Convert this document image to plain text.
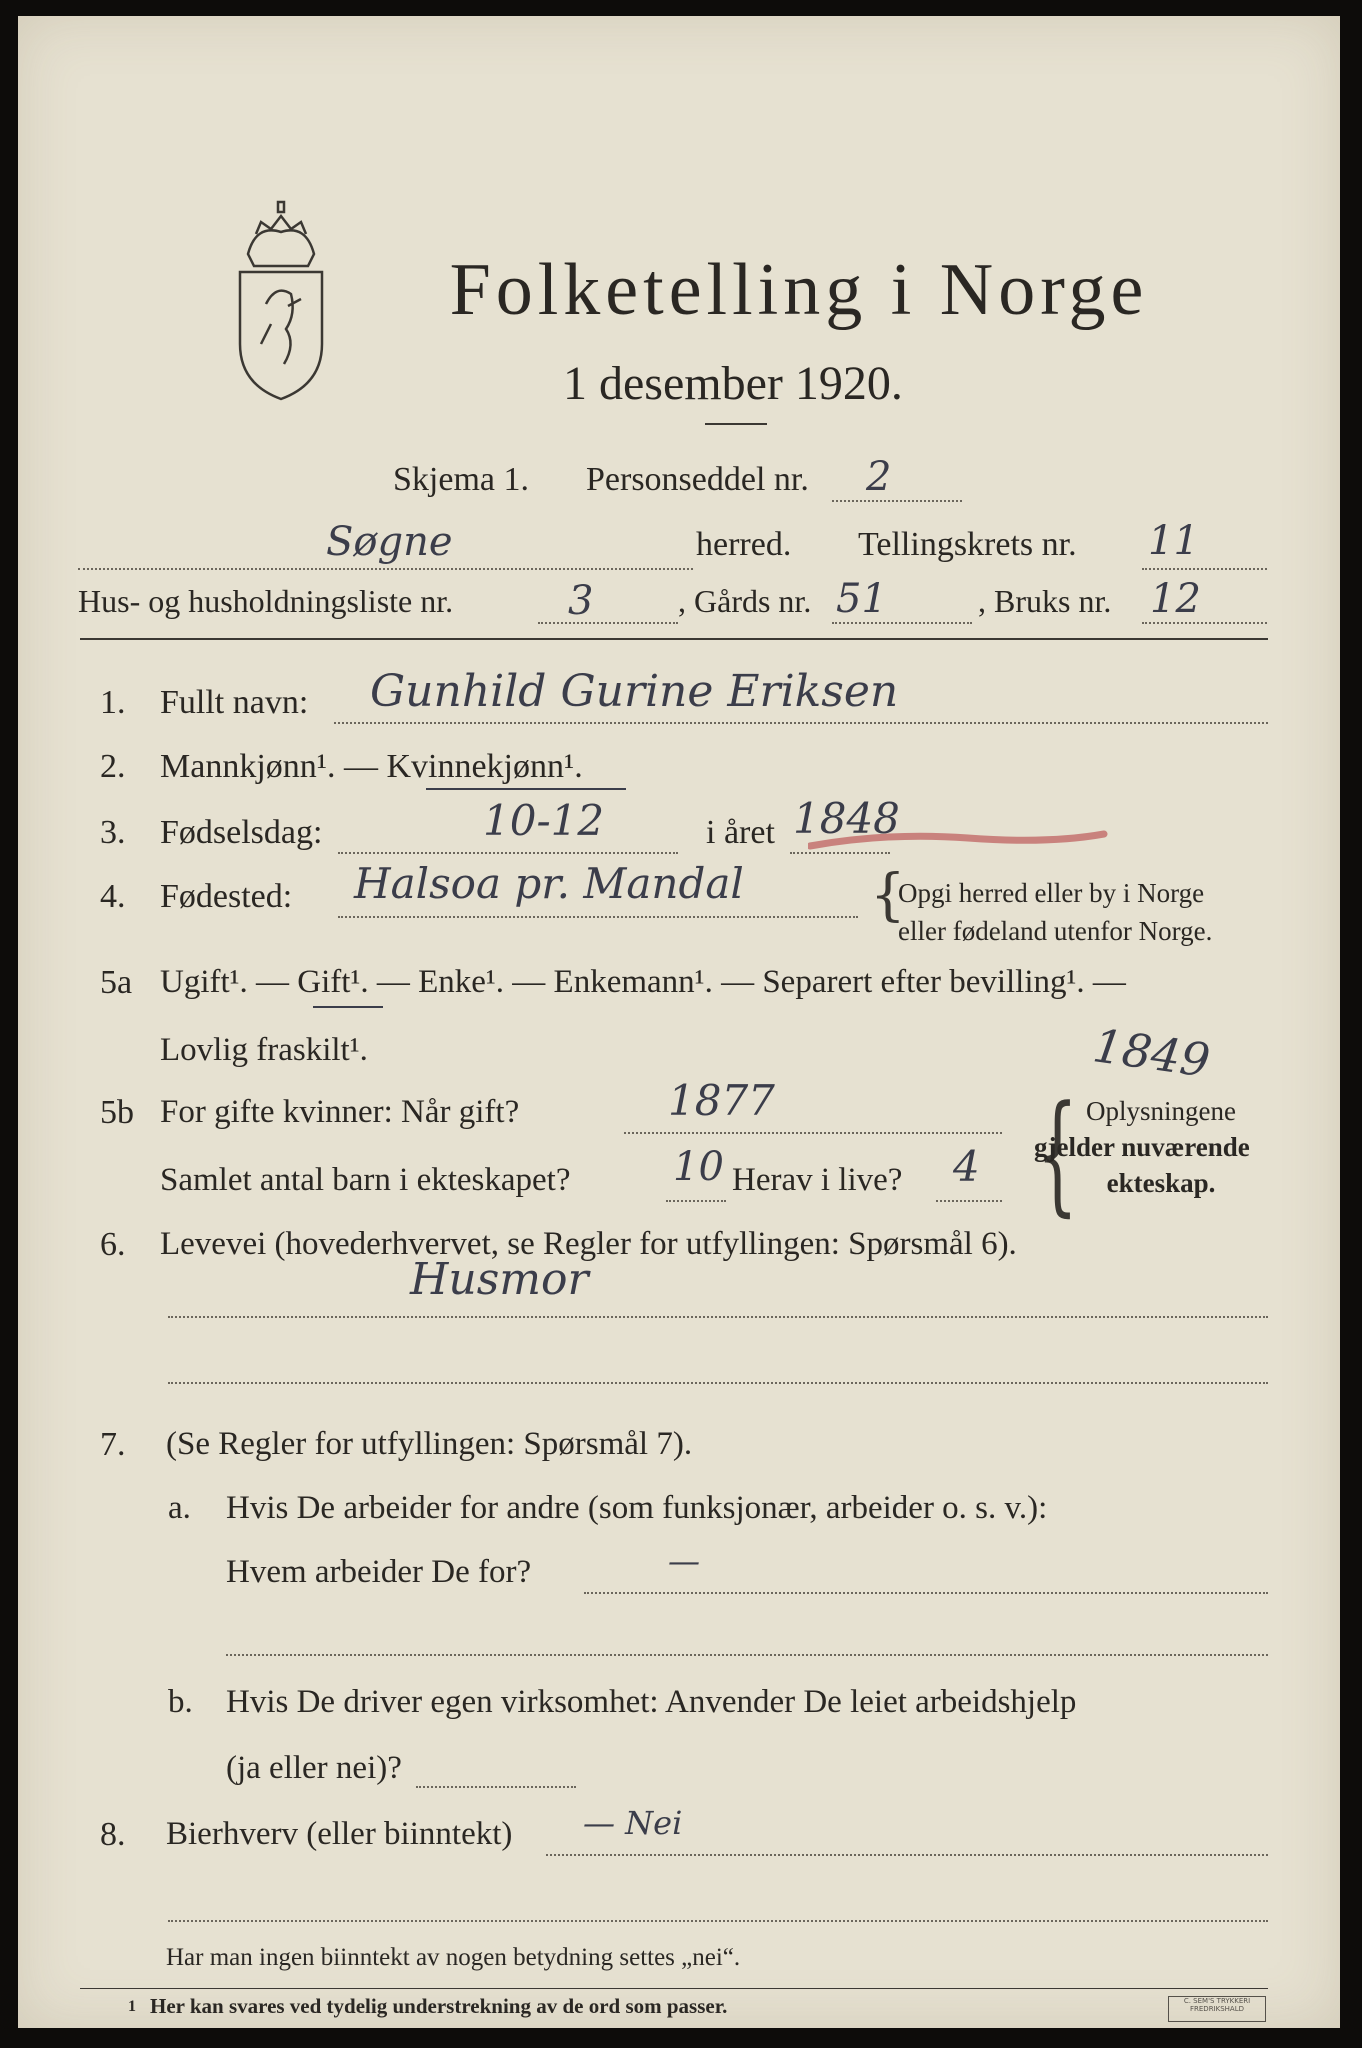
Folketelling i Norge
1 desember 1920.
Skjema 1. Personseddel nr. 2
Søgne	herred. Tellingskrets nr. 11
Hus- og husholdningsliste nr.	3	, Gårds nr. 51	, Bruks nr. 12
1. Fullt navn: Gunhild Gurine Eriksen
2. Mannkjønn¹. — Kvinnekjønn¹.
3. Fødselsdag:	10-12	i året 1848
4. Fødested: Halsoa pr. Mandal {
Opgi herred eller by i Norge
eller fødeland utenfor Norge.
5a Ugift¹. — Gift¹. — Enke¹. — Enkemann¹. — Separert efter bevilling¹. —
Lovlig fraskilt¹.	1849
5b For gifte kvinner: Når gift?	1877
Samlet antal barn i ekteskapet?	10 Herav i live? 4 { Oplysningene
gjelder nuværende
ekteskap.
6. Levevei (hovederhvervet, se Regler for utfyllingen: Spørsmål 6).
Husmor
7. (Se Regler for utfyllingen: Spørsmål 7).
a. Hvis De arbeider for andre (som funksjonær, arbeider o. s. v.):
Hvem arbeider De for?	—
b. Hvis De driver egen virksomhet: Anvender De leiet arbeidshjelp
(ja eller nei)?
8. Bierhverv (eller biinntekt) — Nei
Har man ingen biinntekt av nogen betydning settes „nei“.
1 Her kan svares ved tydelig understrekning av de ord som passer.	C. SEM'S TRYKKERI
FREDRIKSHALD
